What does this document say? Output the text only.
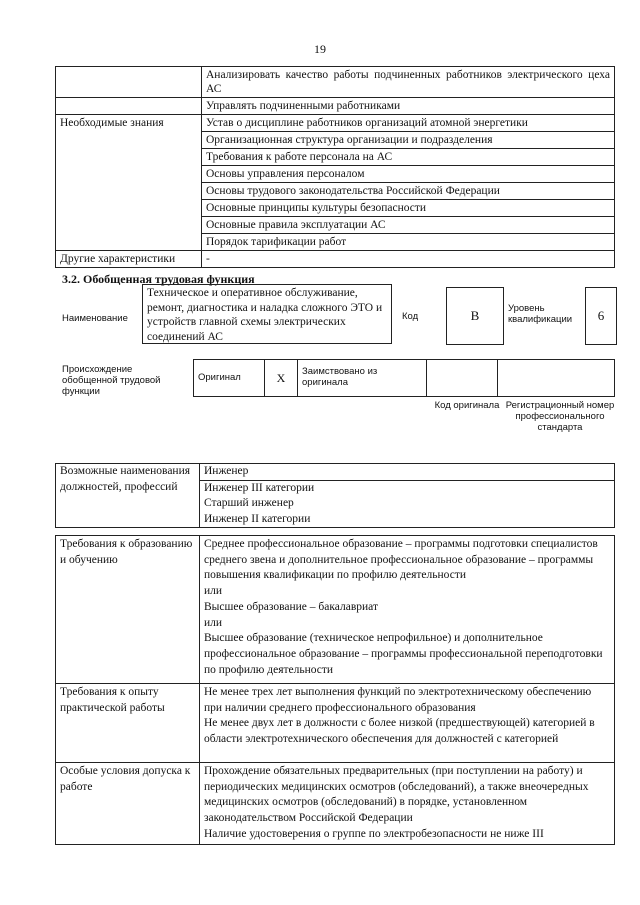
19

	Анализировать качество работы подчиненных работников электрического цеха АС

	Управлять подчиненными работниками
Необходимые знания	Устав о дисциплине работников организаций атомной энергетики
	Организационная структура организации и подразделения
	Требования к работе персонала на АС
	Основы управления персоналом
	Основы трудового законодательства Российской Федерации
	Основные принципы культуры безопасности
	Основные правила эксплуатации АС
	Порядок тарификации работ
Другие характеристики	-
3.2. Обобщенная трудовая функция
Наименование
Техническое и оперативное обслуживание, ремонт, диагностика и наладка сложного ЭТО и устройств главной схемы электрических соединений АС
Код	В	Уровень квалификации	6
Происхождение обобщенной трудовой функции
Оригинал	X	Заимствовано из оригинала		
Код оригинала Регистрационный номер профессионального стандарта
Возможные наименования должностей, профессий	Инженер
Инженер III категории
Старший инженер
Инженер II категории
Требования к образованию и обучению	Среднее профессиональное образование – программы подготовки специалистов среднего звена и дополнительное профессиональное образование – программы повышения квалификации по профилю деятельности
или
Высшее образование – бакалавриат
или
Высшее образование (техническое непрофильное) и дополнительное профессиональное образование – программы профессиональной переподготовки по профилю деятельности
Требования к опыту практической работы	Не менее трех лет выполнения функций по электротехническому обеспечению при наличии среднего профессионального образования
Не менее двух лет в должности с более низкой (предшествующей) категорией в области электротехнического обеспечения для должностей с категорией
Особые условия допуска к работе	Прохождение обязательных предварительных (при поступлении на работу) и периодических медицинских осмотров (обследований), а также внеочередных медицинских осмотров (обследований) в порядке, установленном законодательством Российской Федерации
Наличие удостоверения о группе по электробезопасности не ниже III
